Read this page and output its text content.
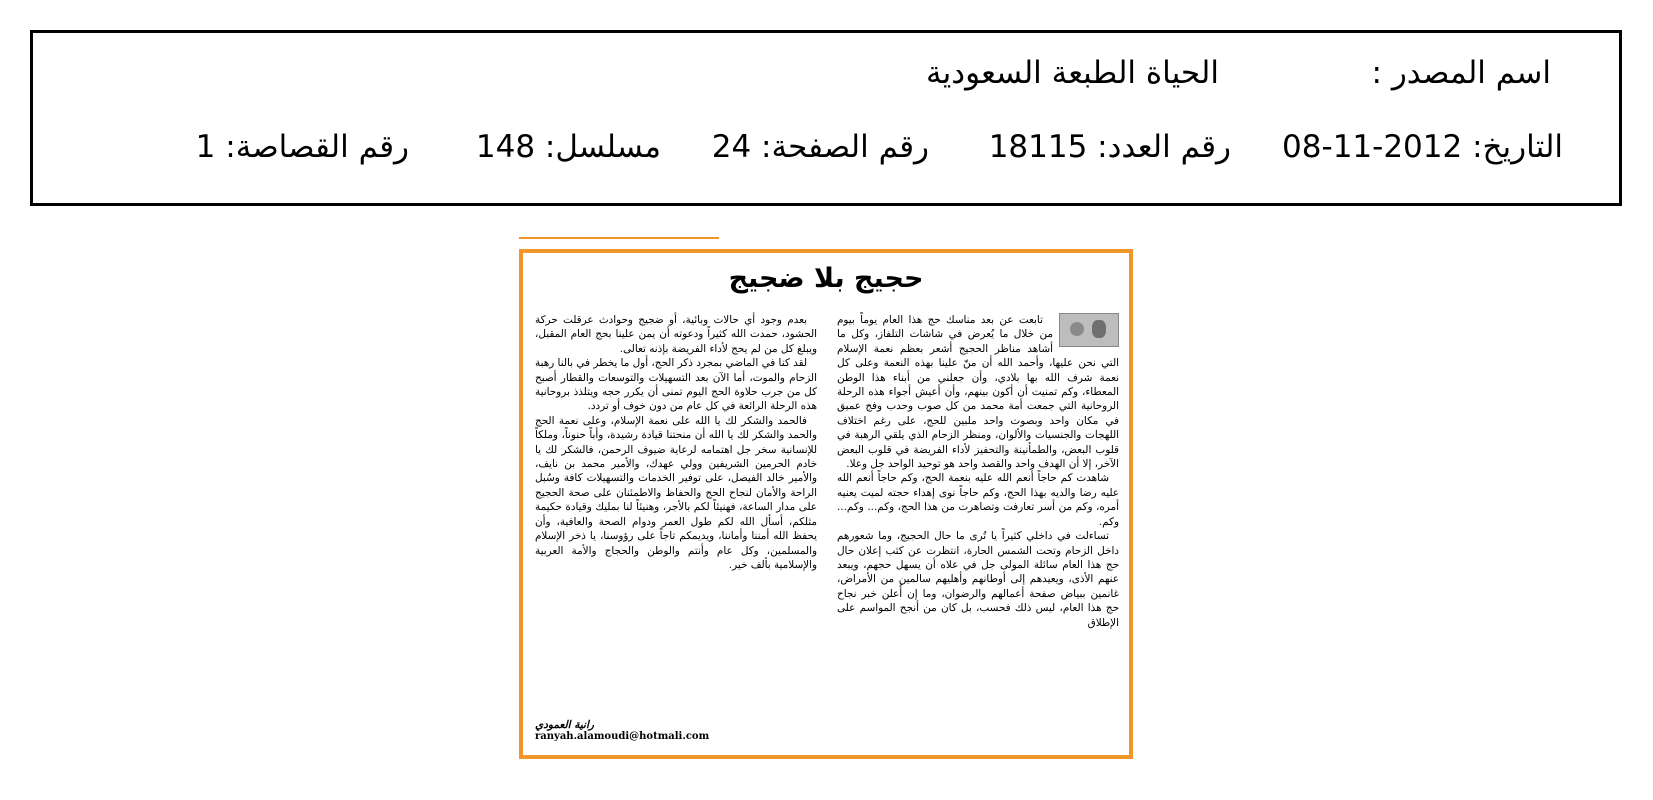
اسم المصدر :
الحياة الطبعة السعودية
التاريخ: 2012-11-08
رقم العدد: 18115
رقم الصفحة: 24
مسلسل: 148
رقم القصاصة: 1
حجيج بلا ضجيج

تابعت عن بعد مناسك حج هذا العام يوماً بيوم من خلال ما يُعرض في شاشات التلفاز، وكل ما أشاهد مناظر الحجيج أشعر بعظم نعمة الإسلام التي نحن عليها، وأحمد الله أن منّ علينا بهذه النعمة وعلى كل نعمة شرف الله بها بلادي، وأن جعلني من أبناء هذا الوطن المعطاء، وكم تمنيت أن أكون بينهم، وأن أعيش أجواء هذه الرحلة الروحانية التي جمعت أمة محمد من كل صوب وحدب وفج عميق في مكان واحد وبصوت واحد ملبين للحج، على رغم اختلاف اللهجات والجنسيات والألوان، ومنظر الزحام الذي يلقي الرهبة في قلوب البعض، والطمأنينة والتحفيز لأداء الفريضة في قلوب البعض الآخر، إلا أن الهدف واحد والقصد واحد هو توحيد الواحد جل وعلا.

شاهدت كم حاجاً أنعم الله عليه بنعمة الحج، وكم حاجاً أنعم الله عليه رضا والديه بهذا الحج، وكم حاجاً نوى إهداء حجته لميت يعنيه أمره، وكم من أسر تعارفت وتصاهرت من هذا الحج، وكم... وكم... وكم.

تساءلت في داخلي كثيراً يا تُرى ما حال الحجيج، وما شعورهم داخل الزحام وتحت الشمس الحارة، انتظرت عن كثب إعلان حال حج هذا العام سائلة المولى جل في علاه أن يسهل حجهم، ويبعد عنهم الأذى، ويعيدهم إلى أوطانهم وأهليهم سالمين من الأمراض، غانمين ببياض صفحة أعمالهم والرضوان، وما إن أُعلن خبر نجاح حج هذا العام، ليس ذلك فحسب، بل كان من أنجح المواسم على الإطلاق

بعدم وجود أي حالات وبائية، أو ضجيج وحوادث عرقلت حركة الحشود، حمدت الله كثيراً ودعوته أن يمن علينا بحج العام المقبل، ويبلغ كل من لم يحج لأداء الفريضة بإذنه تعالى.

لقد كنا في الماضي بمجرد ذكر الحج، أول ما يخطر في بالنا رهبة الزحام والموت، أما الآن بعد التسهيلات والتوسعات والقطار أصبح كل من جرب حلاوة الحج اليوم تمنى أن يكرر حجه ويتلذذ بروحانية هذه الرحلة الرائعة في كل عام من دون خوف أو تردد.

فالحمد والشكر لك يا الله على نعمة الإسلام، وعلى نعمة الحج والحمد والشكر لك يا الله أن منحتنا قيادة رشيدة، وأباً حنوناً، وملكاً للإنسانية سخر جل اهتمامه لرعاية ضيوف الرحمن، فالشكر لك يا خادم الحرمين الشريفين وولي عهدك، والأمير محمد بن نايف، والأمير خالد الفيصل، على توفير الخدمات والتسهيلات كافة وسُبل الراحة والأمان لنجاح الحج والحفاظ والاطمئنان على صحة الحجيج على مدار الساعة، فهنيئاً لكم بالأجر، وهنيئاً لنا بمليك وقيادة حكيمة مثلكم، أسأل الله لكم طول العمر ودوام الصحة والعافية، وأن يحفظ الله أمننا وأماننا، ويديمكم تاجاً على رؤوسنا، يا ذخر الإسلام والمسلمين، وكل عام وأنتم والوطن والحجاج والأمة العربية والإسلامية بألف خير.

رانية العمودي
ranyah.alamoudi@hotmali.com
